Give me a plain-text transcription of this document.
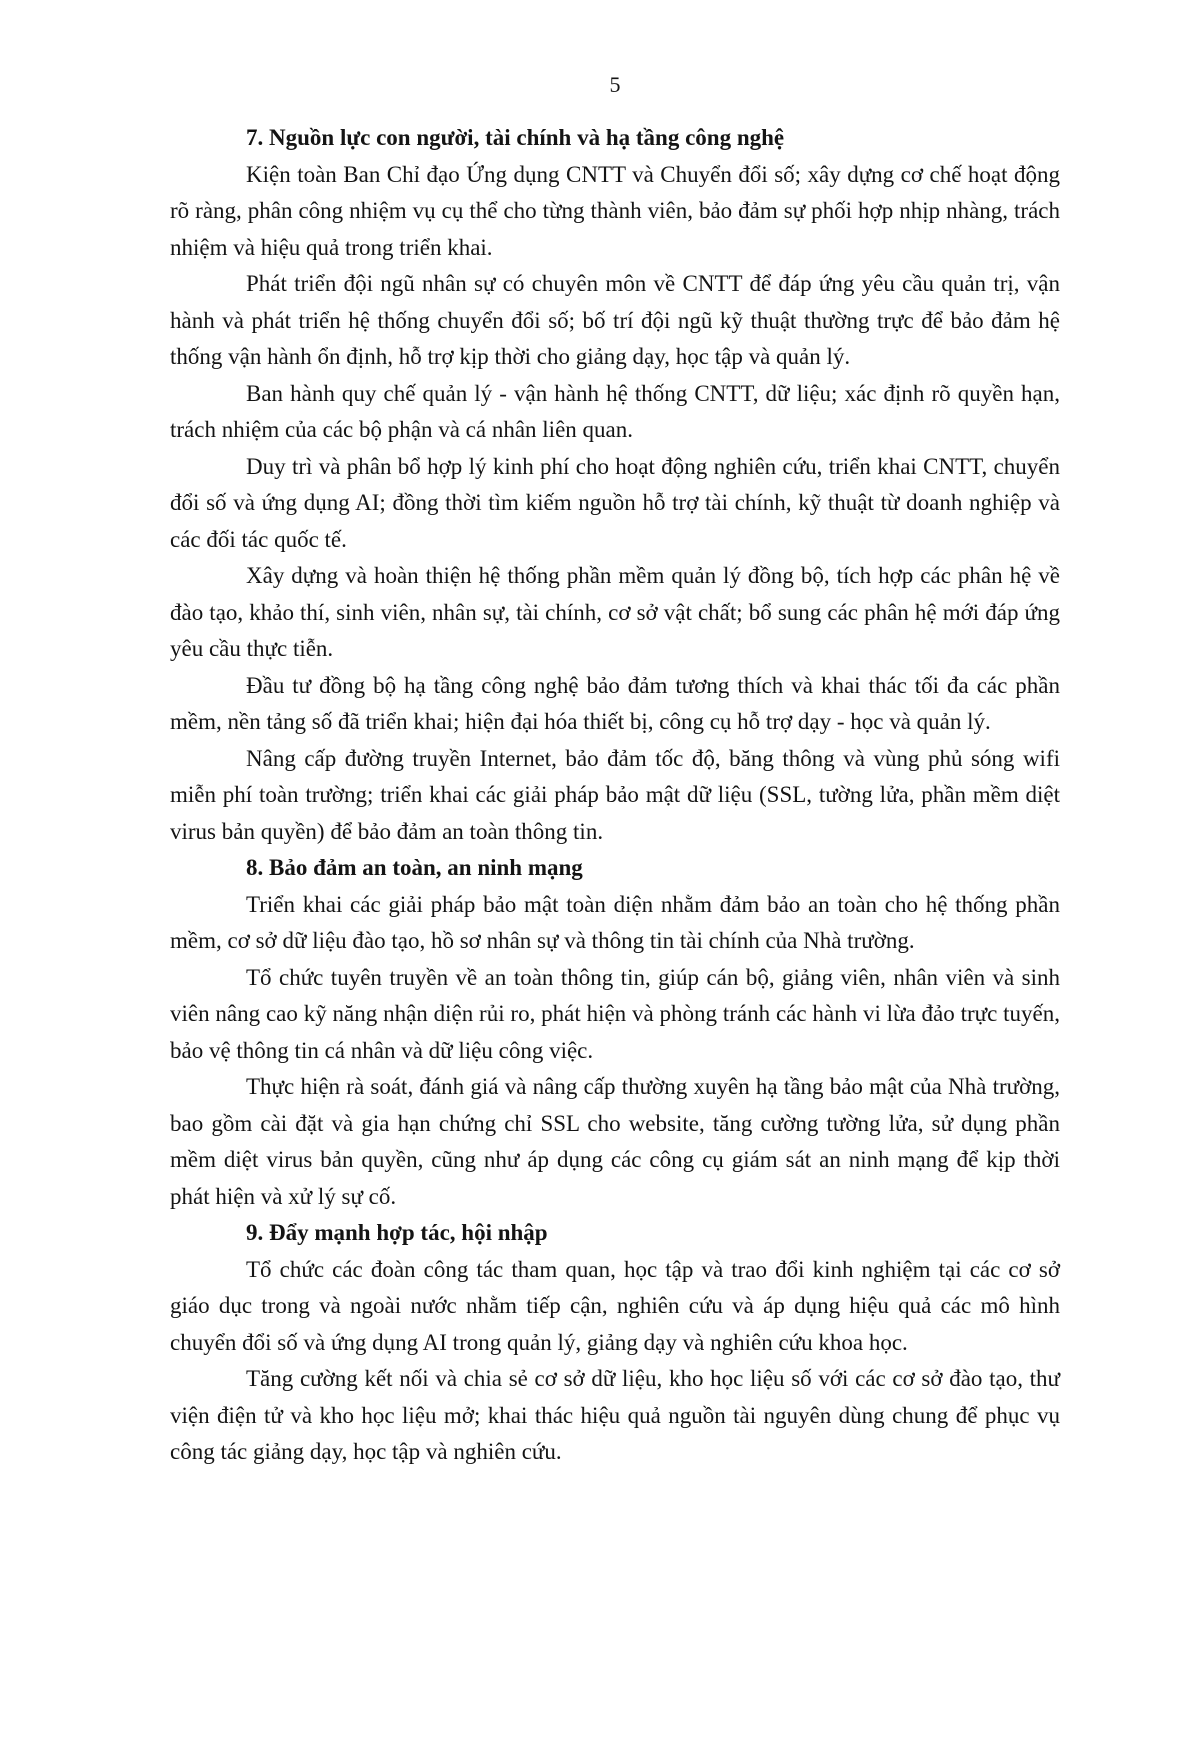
5

7. Nguồn lực con người, tài chính và hạ tầng công nghệ

Kiện toàn Ban Chỉ đạo Ứng dụng CNTT và Chuyển đổi số; xây dựng cơ chế hoạt động rõ ràng, phân công nhiệm vụ cụ thể cho từng thành viên, bảo đảm sự phối hợp nhịp nhàng, trách nhiệm và hiệu quả trong triển khai.

Phát triển đội ngũ nhân sự có chuyên môn về CNTT để đáp ứng yêu cầu quản trị, vận hành và phát triển hệ thống chuyển đổi số; bố trí đội ngũ kỹ thuật thường trực để bảo đảm hệ thống vận hành ổn định, hỗ trợ kịp thời cho giảng dạy, học tập và quản lý.

Ban hành quy chế quản lý - vận hành hệ thống CNTT, dữ liệu; xác định rõ quyền hạn, trách nhiệm của các bộ phận và cá nhân liên quan.

Duy trì và phân bổ hợp lý kinh phí cho hoạt động nghiên cứu, triển khai CNTT, chuyển đổi số và ứng dụng AI; đồng thời tìm kiếm nguồn hỗ trợ tài chính, kỹ thuật từ doanh nghiệp và các đối tác quốc tế.

Xây dựng và hoàn thiện hệ thống phần mềm quản lý đồng bộ, tích hợp các phân hệ về đào tạo, khảo thí, sinh viên, nhân sự, tài chính, cơ sở vật chất; bổ sung các phân hệ mới đáp ứng yêu cầu thực tiễn.

Đầu tư đồng bộ hạ tầng công nghệ bảo đảm tương thích và khai thác tối đa các phần mềm, nền tảng số đã triển khai; hiện đại hóa thiết bị, công cụ hỗ trợ dạy - học và quản lý.

Nâng cấp đường truyền Internet, bảo đảm tốc độ, băng thông và vùng phủ sóng wifi miễn phí toàn trường; triển khai các giải pháp bảo mật dữ liệu (SSL, tường lửa, phần mềm diệt virus bản quyền) để bảo đảm an toàn thông tin.

8. Bảo đảm an toàn, an ninh mạng

Triển khai các giải pháp bảo mật toàn diện nhằm đảm bảo an toàn cho hệ thống phần mềm, cơ sở dữ liệu đào tạo, hồ sơ nhân sự và thông tin tài chính của Nhà trường.

Tổ chức tuyên truyền về an toàn thông tin, giúp cán bộ, giảng viên, nhân viên và sinh viên nâng cao kỹ năng nhận diện rủi ro, phát hiện và phòng tránh các hành vi lừa đảo trực tuyến, bảo vệ thông tin cá nhân và dữ liệu công việc.

Thực hiện rà soát, đánh giá và nâng cấp thường xuyên hạ tầng bảo mật của Nhà trường, bao gồm cài đặt và gia hạn chứng chỉ SSL cho website, tăng cường tường lửa, sử dụng phần mềm diệt virus bản quyền, cũng như áp dụng các công cụ giám sát an ninh mạng để kịp thời phát hiện và xử lý sự cố.

9. Đẩy mạnh hợp tác, hội nhập

Tổ chức các đoàn công tác tham quan, học tập và trao đổi kinh nghiệm tại các cơ sở giáo dục trong và ngoài nước nhằm tiếp cận, nghiên cứu và áp dụng hiệu quả các mô hình chuyển đổi số và ứng dụng AI trong quản lý, giảng dạy và nghiên cứu khoa học.

Tăng cường kết nối và chia sẻ cơ sở dữ liệu, kho học liệu số với các cơ sở đào tạo, thư viện điện tử và kho học liệu mở; khai thác hiệu quả nguồn tài nguyên dùng chung để phục vụ công tác giảng dạy, học tập và nghiên cứu.
